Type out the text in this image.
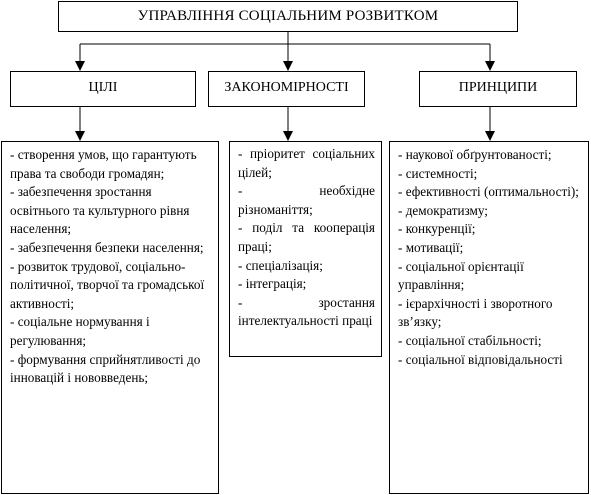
УПРАВЛІННЯ СОЦІАЛЬНИМ РОЗВИТКОМ
ЦІЛІ	ЗАКОНОМІРНОСТІ	ПРИНЦИПИ
- створення умов, що гарантують права та свободи громадян;
- забезпечення зростання освітнього та культурного рівня населення;
- забезпечення безпеки населення;
- розвиток трудової, соціально-політичної, творчої та громадської активності;
- соціальне нормування і регулювання;
- формування сприйнятливості до інновацій і нововведень;
- пріоритет соціальних цілей;
- необхідне різноманіття;
- поділ та кооперація праці;
- спеціалізація;
- інтеграція;
- зростання інтелектуальності праці
- наукової обґрунтованості;
- системності;
- ефективності (оптимальності);
- демократизму;
- конкуренції;
- мотивації;
- соціальної орієнтації управління;
- ієрархічності і зворотного зв’язку;
- соціальної стабільності;
- соціальної відповідальності
